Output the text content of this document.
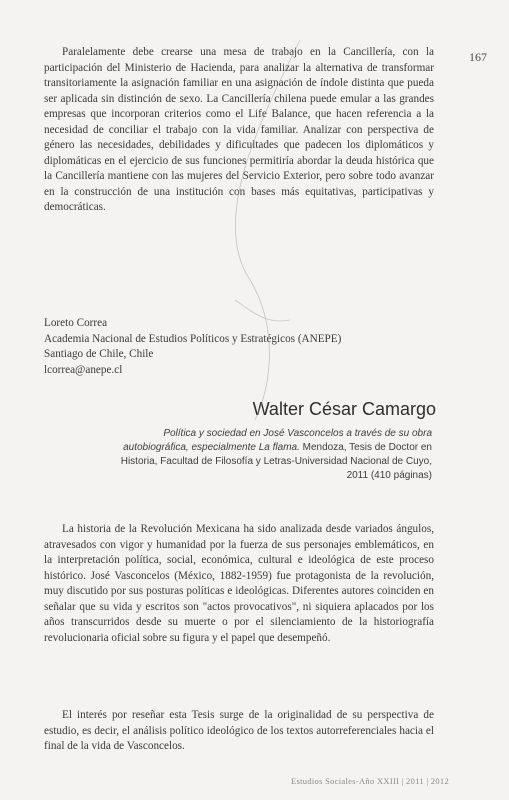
167

Paralelamente debe crearse una mesa de trabajo en la Cancillería, con la participación del Ministerio de Hacienda, para analizar la alternativa de transformar transitoriamente la asignación familiar en una asignación de índole distinta que pueda ser aplicada sin distinción de sexo. La Cancillería chilena puede emular a las grandes empresas que incorporan criterios como el Life Balance, que hacen referencia a la necesidad de conciliar el trabajo con la vida familiar. Analizar con perspectiva de género las necesidades, debilidades y dificultades que padecen los diplomáticos y diplomáticas en el ejercicio de sus funciones permitiría abordar la deuda histórica que la Cancillería mantiene con las mujeres del Servicio Exterior, pero sobre todo avanzar en la construcción de una institución con bases más equitativas, participativas y democráticas.

Loreto Correa
Academia Nacional de Estudios Políticos y Estratégicos (ANEPE)
Santiago de Chile, Chile
lcorrea@anepe.cl
Walter César Camargo
Política y sociedad en José Vasconcelos a través de su obra autobiográfica, especialmente La flama. Mendoza, Tesis de Doctor en Historia, Facultad de Filosofía y Letras-Universidad Nacional de Cuyo, 2011 (410 páginas)

La historia de la Revolución Mexicana ha sido analizada desde variados ángulos, atravesados con vigor y humanidad por la fuerza de sus personajes emblemáticos, en la interpretación política, social, económica, cultural e ideológica de este proceso histórico. José Vasconcelos (México, 1882-1959) fue protagonista de la revolución, muy discutido por sus posturas políticas e ideológicas. Diferentes autores coinciden en señalar que su vida y escritos son "actos provocativos", ni siquiera aplacados por los años transcurridos desde su muerte o por el silenciamiento de la historiografía revolucionaria oficial sobre su figura y el papel que desempeñó.

El interés por reseñar esta Tesis surge de la originalidad de su perspectiva de estudio, es decir, el análisis político ideológico de los textos autorreferenciales hacia el final de la vida de Vasconcelos.

Estudios Sociales-Año XXIII | 2011 | 2012
